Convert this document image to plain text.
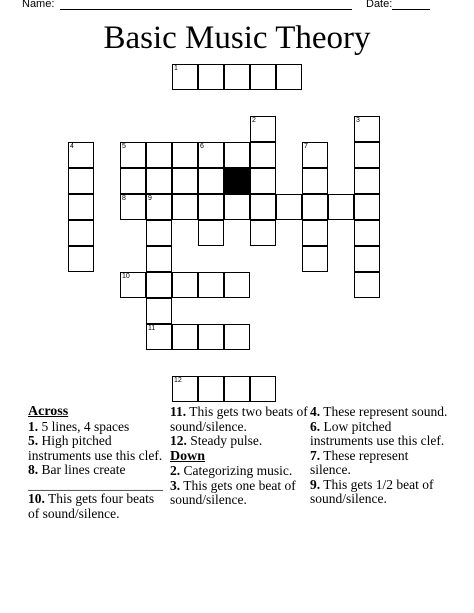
Name:	Date:
Basic Music Theory
1
2	3
4	5	6	7
8	9
10
11
12
Across
1. 5 lines, 4 spaces
5. High pitched instruments use this clef.
8. Bar lines create ____________________
10. This gets four beats of sound/silence.
11. This gets two beats of sound/silence.
12. Steady pulse.
Down
2. Categorizing music.
3. This gets one beat of sound/silence.
4. These represent sound.
6. Low pitched instruments use this clef.
7. These represent silence.
9. This gets 1/2 beat of sound/silence.
